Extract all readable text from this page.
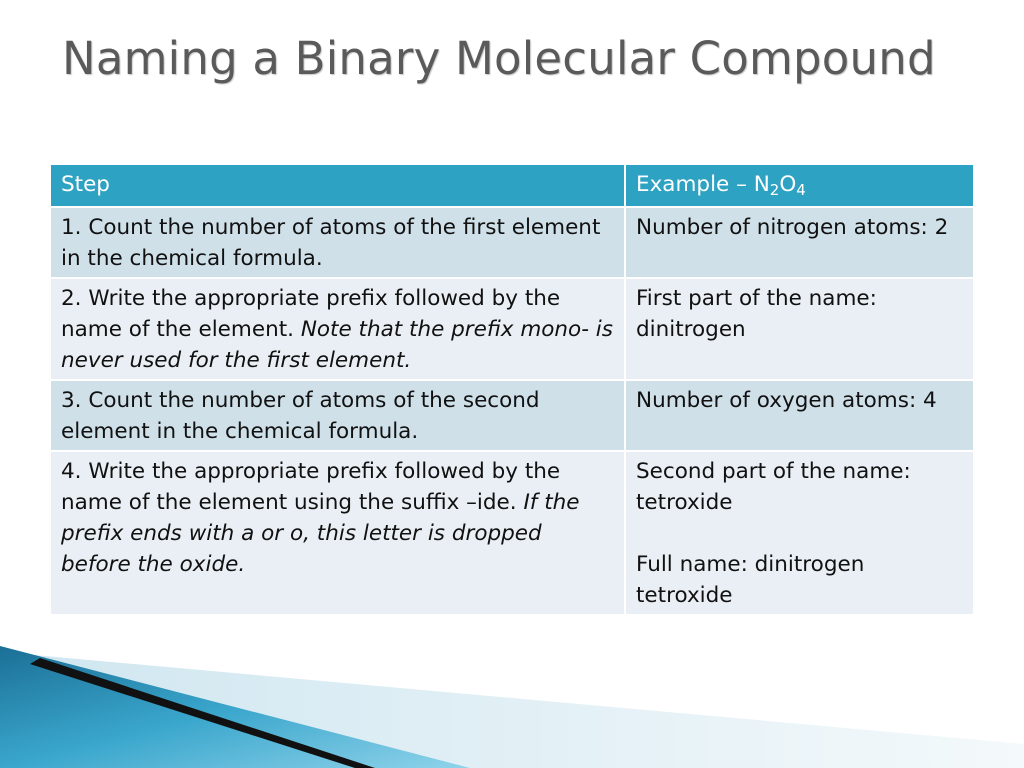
Naming a Binary Molecular Compound
Step	Example – $N_2O_4$
1. Count the number of atoms of the first element in the chemical formula.	Number of nitrogen atoms: 2
2. Write the appropriate prefix followed by the name of the element. Note that the prefix mono- is never used for the first element.	First part of the name: dinitrogen
3. Count the number of atoms of the second element in the chemical formula.	Number of oxygen atoms: 4
4. Write the appropriate prefix followed by the name of the element using the suffix –ide. If the prefix ends with a or o, this letter is dropped before the oxide.	Second part of the name: tetroxide
Full name: dinitrogen tetroxide
